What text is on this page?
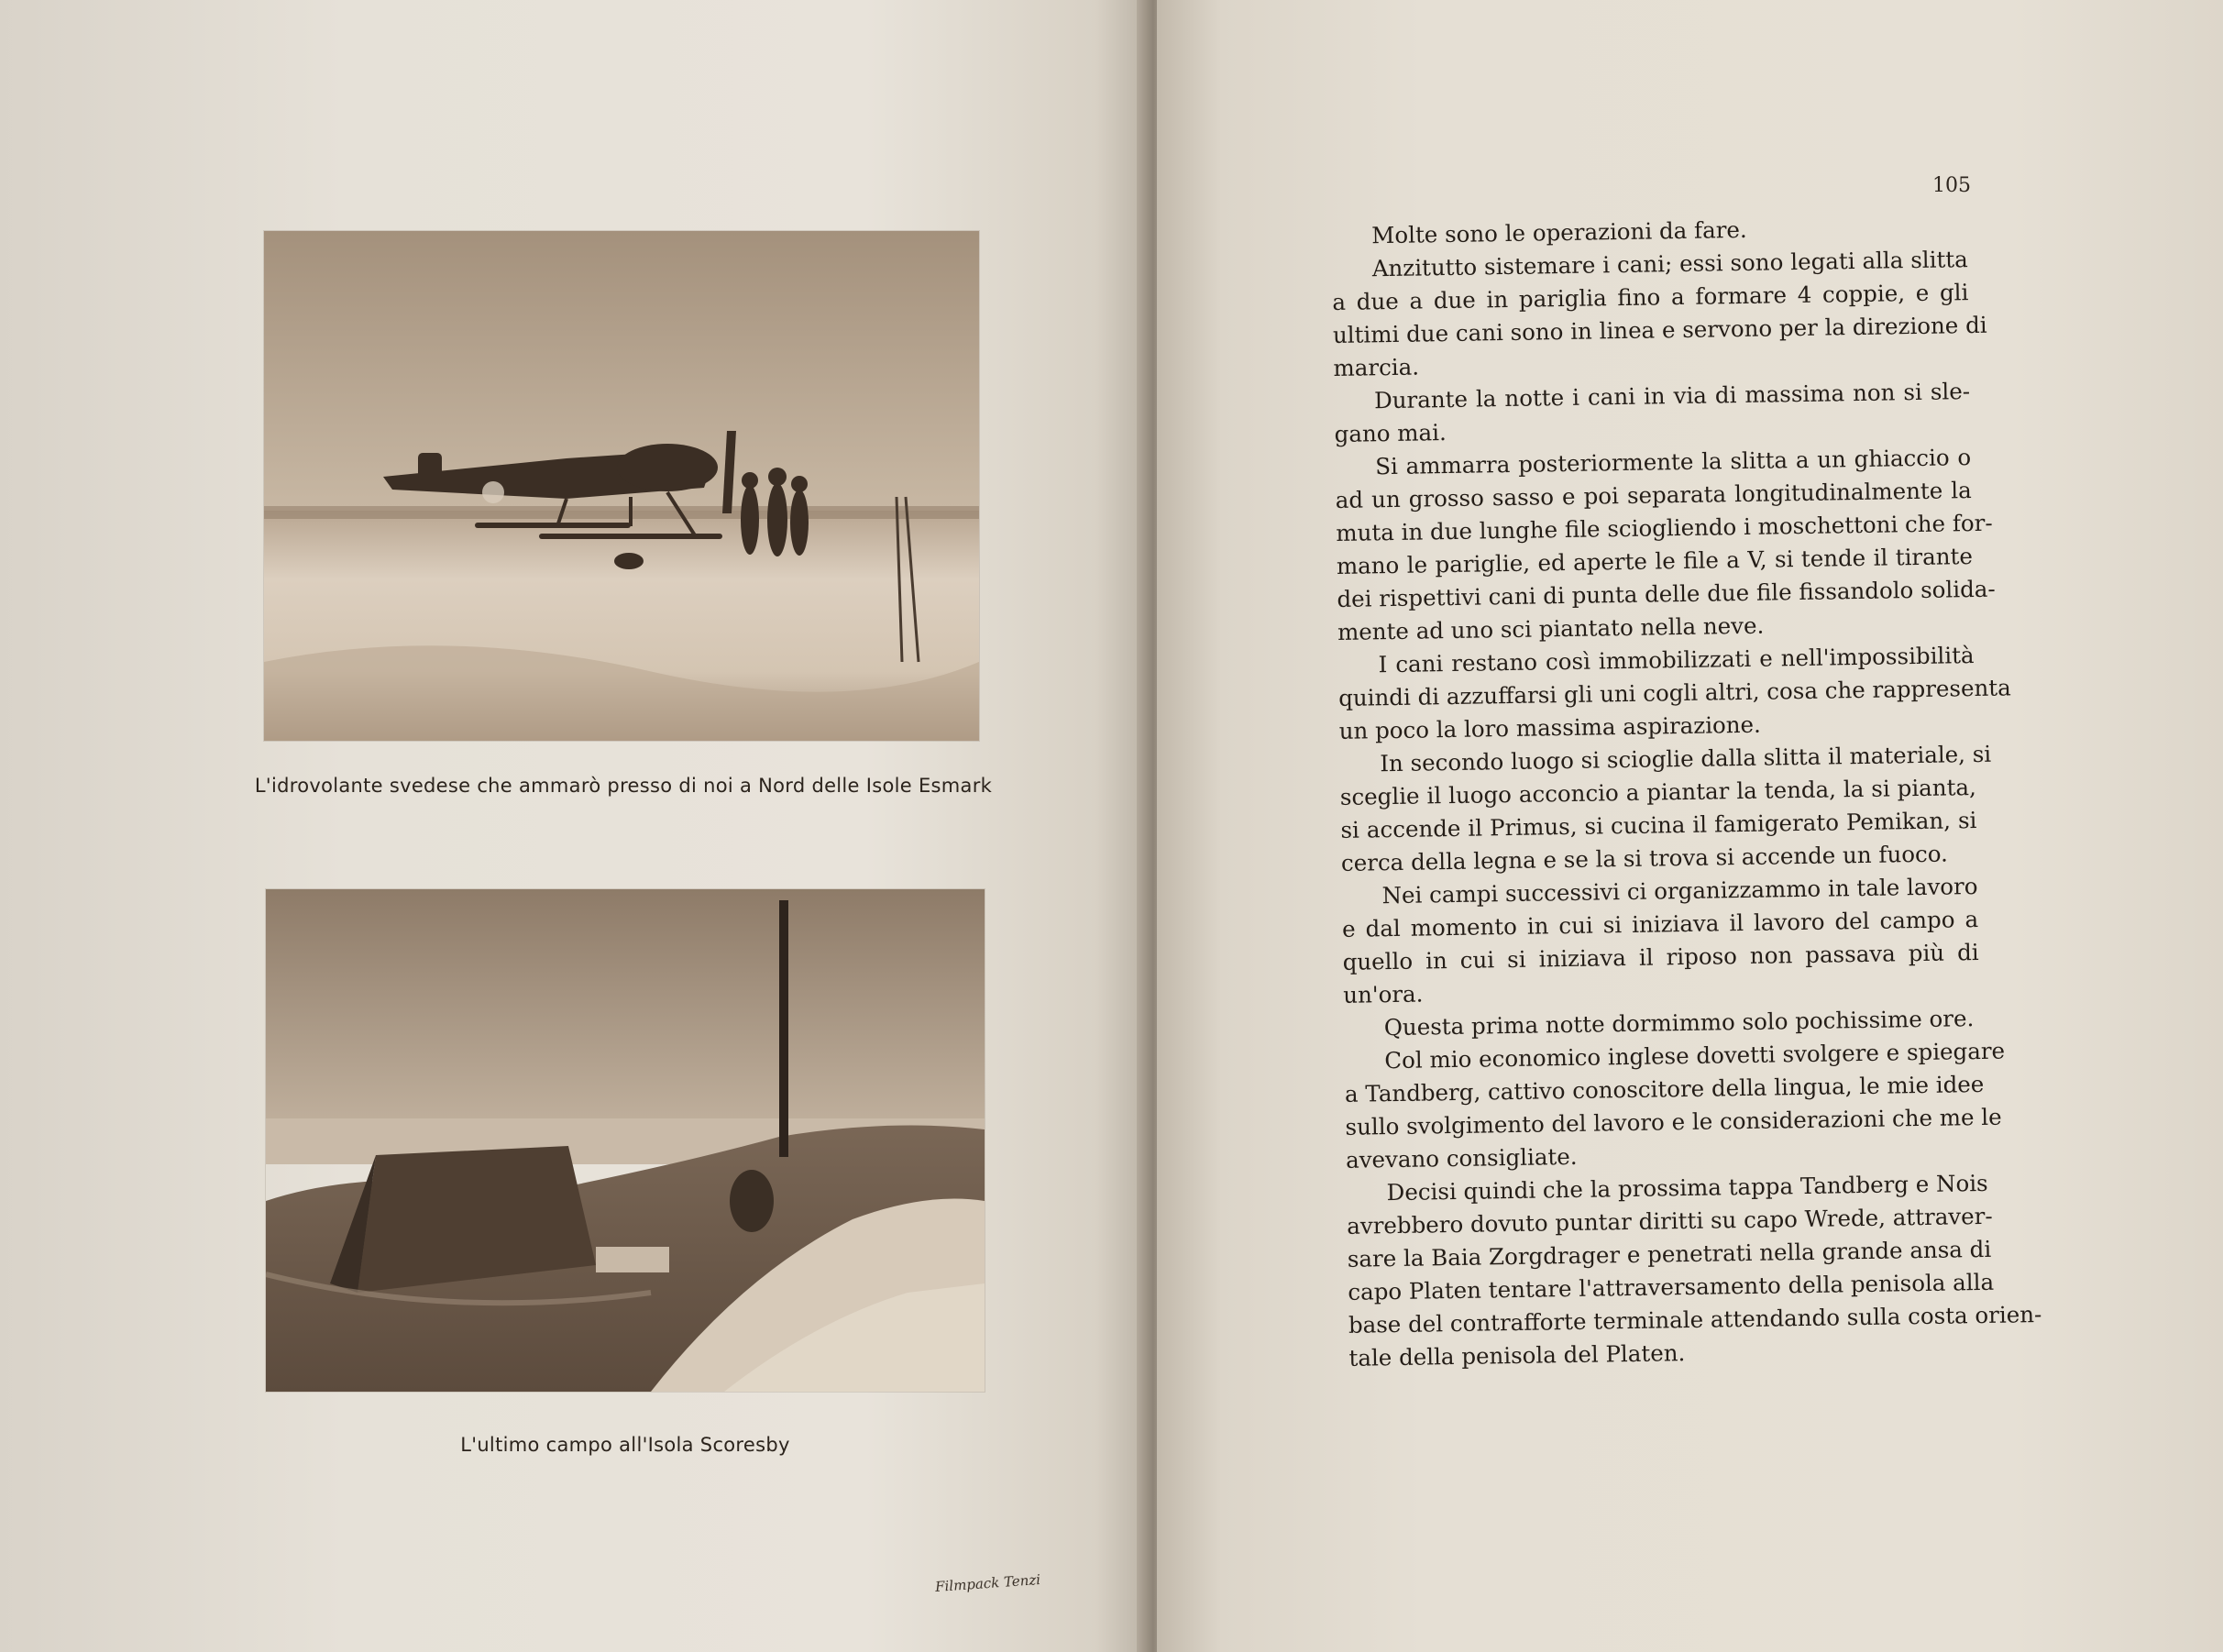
L'idrovolante svedese che ammarò presso di noi a Nord delle Isole Esmark
L'ultimo campo all'Isola Scoresby
Filmpack Tenzi
105
Molte sono le operazioni da fare.
Anzitutto sistemare i cani; essi sono legati alla slitta
a due a due in pariglia fino a formare 4 coppie, e gli
ultimi due cani sono in linea e servono per la direzione di
marcia.
Durante la notte i cani in via di massima non si sle-
gano mai.
Si ammarra posteriormente la slitta a un ghiaccio o
ad un grosso sasso e poi separata longitudinalmente la
muta in due lunghe file sciogliendo i moschettoni che for-
mano le pariglie, ed aperte le file a V, si tende il tirante
dei rispettivi cani di punta delle due file fissandolo solida-
mente ad uno sci piantato nella neve.
I cani restano così immobilizzati e nell'impossibilità
quindi di azzuffarsi gli uni cogli altri, cosa che rappresenta
un poco la loro massima aspirazione.
In secondo luogo si scioglie dalla slitta il materiale, si
sceglie il luogo acconcio a piantar la tenda, la si pianta,
si accende il Primus, si cucina il famigerato Pemikan, si
cerca della legna e se la si trova si accende un fuoco.
Nei campi successivi ci organizzammo in tale lavoro
e dal momento in cui si iniziava il lavoro del campo a
quello in cui si iniziava il riposo non passava più di
un'ora.
Questa prima notte dormimmo solo pochissime ore.
Col mio economico inglese dovetti svolgere e spiegare
a Tandberg, cattivo conoscitore della lingua, le mie idee
sullo svolgimento del lavoro e le considerazioni che me le
avevano consigliate.
Decisi quindi che la prossima tappa Tandberg e Nois
avrebbero dovuto puntar diritti su capo Wrede, attraver-
sare la Baia Zorgdrager e penetrati nella grande ansa di
capo Platen tentare l'attraversamento della penisola alla
base del contrafforte terminale attendando sulla costa orien-
tale della penisola del Platen.
